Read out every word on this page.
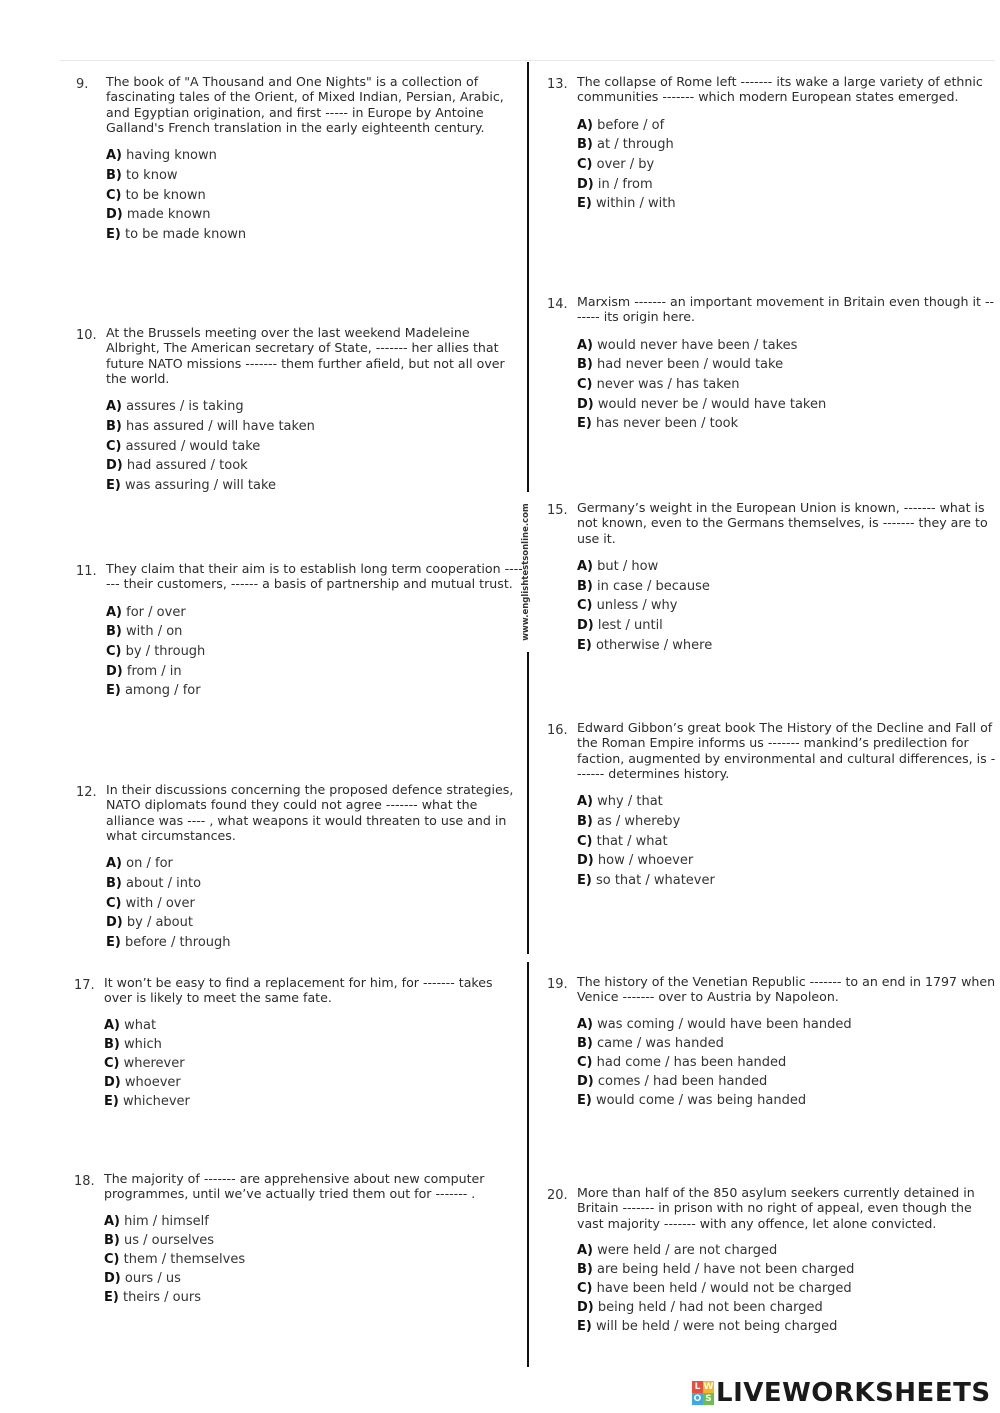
www.englishtestsonline.com
9. The book of "A Thousand and One Nights" is a collection of fascinating tales of the Orient, of Mixed Indian, Persian, Arabic, and Egyptian origination, and first ----- in Europe by Antoine Galland's French translation in the early eighteenth century.

A) having known
B) to know
C) to be known
D) made known
E) to be made known
10. At the Brussels meeting over the last weekend Madeleine Albright, The American secretary of State, ------- her allies that future NATO missions ------- them further afield, but not all over the world.

A) assures / is taking
B) has assured / will have taken
C) assured / would take
D) had assured / took
E) was assuring / will take
11. They claim that their aim is to establish long term cooperation ------- their customers, ------ a basis of partnership and mutual trust.

A) for / over
B) with / on
C) by / through
D) from / in
E) among / for
12. In their discussions concerning the proposed defence strategies, NATO diplomats found they could not agree ------- what the alliance was ---- , what weapons it would threaten to use and in what circumstances.

A) on / for
B) about / into
C) with / over
D) by / about
E) before / through
13. The collapse of Rome left ------- its wake a large variety of ethnic communities ------- which modern European states emerged.

A) before / of
B) at / through
C) over / by
D) in / from
E) within / with
14. Marxism ------- an important movement in Britain even though it ------- its origin here.

A) would never have been / takes
B) had never been / would take
C) never was / has taken
D) would never be / would have taken
E) has never been / took
15. Germany’s weight in the European Union is known, ------- what is not known, even to the Germans themselves, is ------- they are to use it.

A) but / how
B) in case / because
C) unless / why
D) lest / until
E) otherwise / where
16. Edward Gibbon’s great book The History of the Decline and Fall of the Roman Empire informs us ------- mankind’s predilection for faction, augmented by environmental and cultural differences, is ------- determines history.

A) why / that
B) as / whereby
C) that / what
D) how / whoever
E) so that / whatever
17. It won’t be easy to find a replacement for him, for ------- takes over is likely to meet the same fate.

A) what
B) which
C) wherever
D) whoever
E) whichever
18. The majority of ------- are apprehensive about new computer programmes, until we’ve actually tried them out for ------- .

A) him / himself
B) us / ourselves
C) them / themselves
D) ours / us
E) theirs / ours
19. The history of the Venetian Republic ------- to an end in 1797 when Venice ------- over to Austria by Napoleon.

A) was coming / would have been handed
B) came / was handed
C) had come / has been handed
D) comes / had been handed
E) would come / was being handed
20. More than half of the 850 asylum seekers currently detained in Britain ------- in prison with no right of appeal, even though the vast majority ------- with any offence, let alone convicted.

A) were held / are not charged
B) are being held / have not been charged
C) have been held / would not be charged
D) being held / had not been charged
E) will be held / were not being charged
L W
O S LIVEWORKSHEETS
